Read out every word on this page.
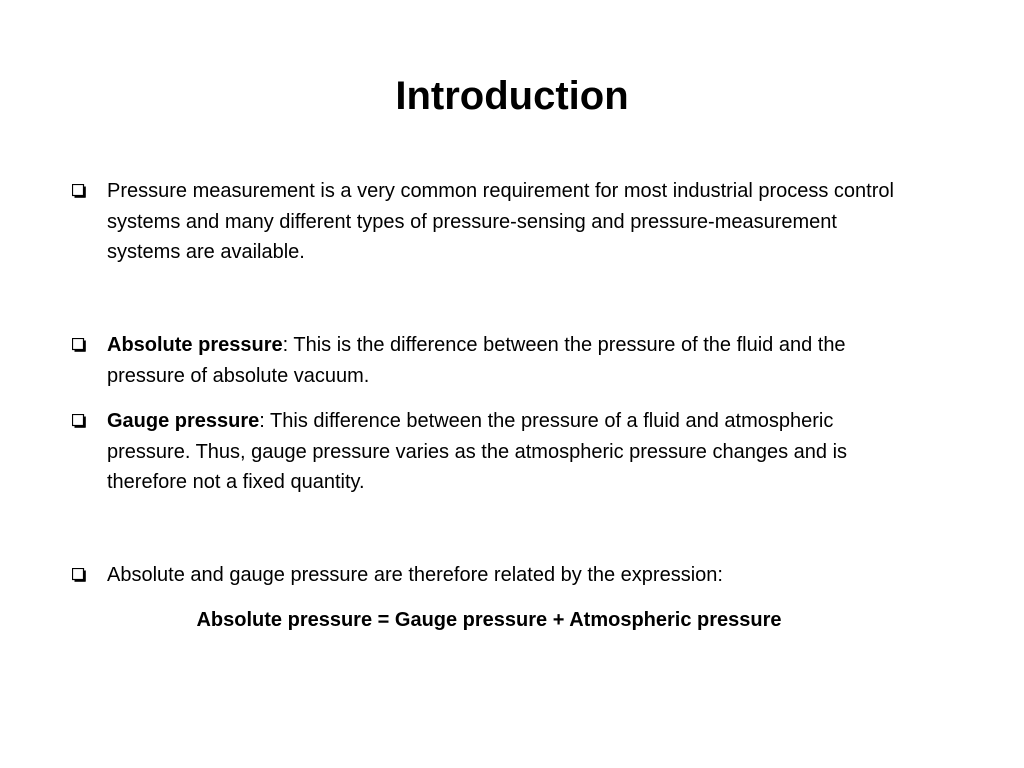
Introduction

Pressure measurement is a very common requirement for most industrial process control systems and many different types of pressure-sensing and pressure-measurement systems are available.

Absolute pressure: This is the difference between the pressure of the fluid and the pressure of absolute vacuum.

Gauge pressure: This difference between the pressure of a fluid and atmospheric pressure. Thus, gauge pressure varies as the atmospheric pressure changes and is therefore not a fixed quantity.

Absolute and gauge pressure are therefore related by the expression:

Absolute pressure = Gauge pressure + Atmospheric pressure
